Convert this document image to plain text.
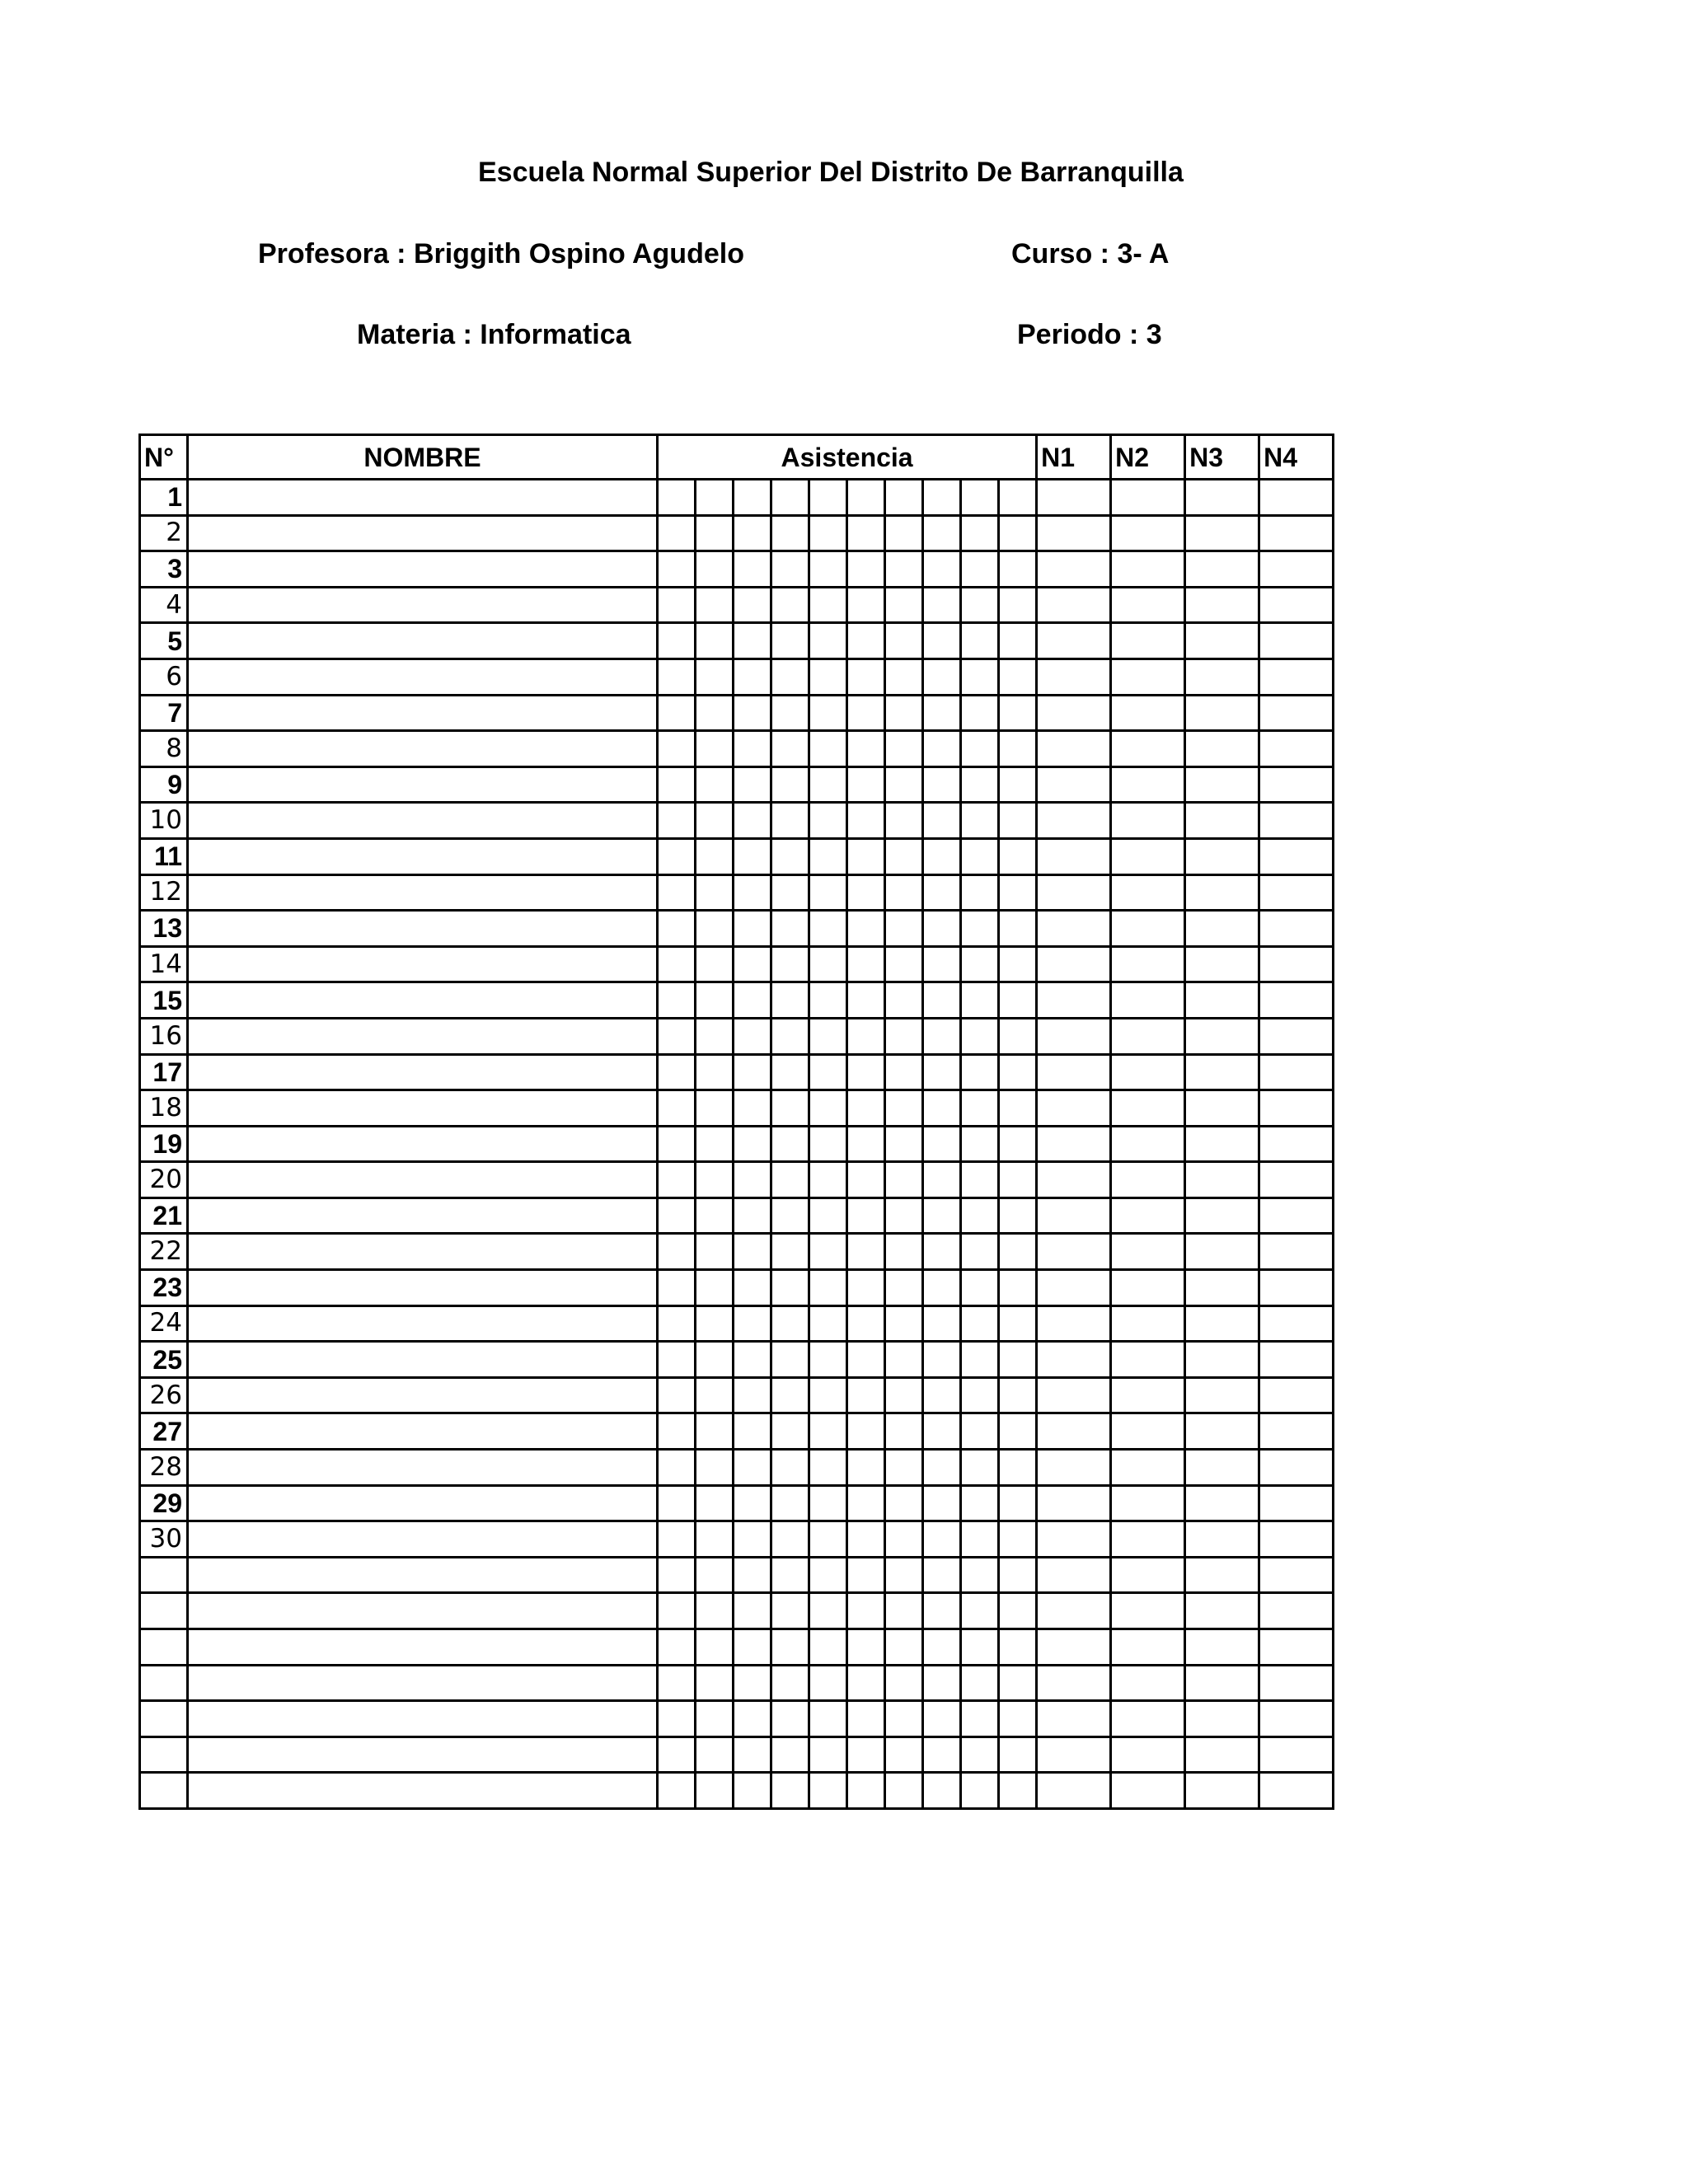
Escuela Normal Superior Del Distrito De Barranquilla
Profesora : Briggith Ospino Agudelo	Curso : 3- A
Materia : Informatica	Periodo : 3
N°	NOMBRE	Asistencia										N1	N2	N3	N4
1															
2															
3															
4															
5															
6															
7															
8															
9															
10															
11															
12															
13															
14															
15															
16															
17															
18															
19															
20															
21															
22															
23															
24															
25															
26															
27															
28															
29															
30															
